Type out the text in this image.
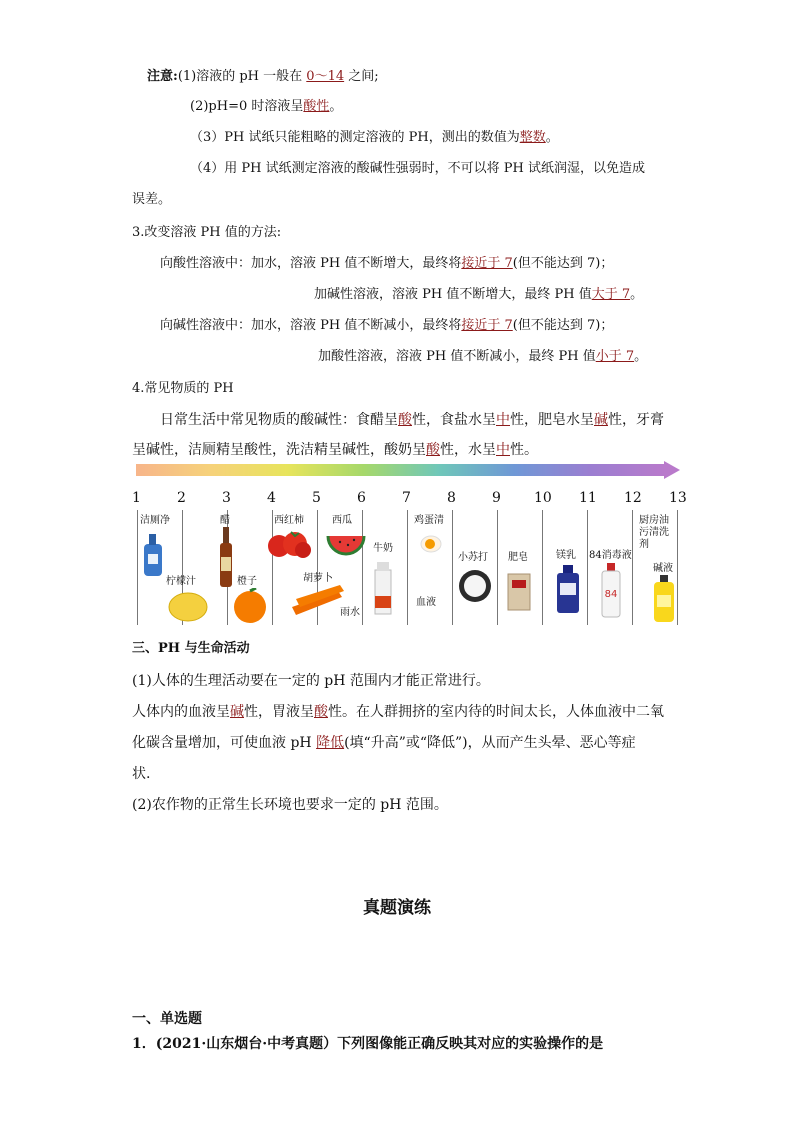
注意:(1)溶液的 pH 一般在 0～14 之间;
(2)pH=0 时溶液呈酸性。
（3）PH 试纸只能粗略的测定溶液的 PH，测出的数值为整数。
（4）用 PH 试纸测定溶液的酸碱性强弱时，不可以将 PH 试纸润湿，以免造成
误差。
3.改变溶液 PH 值的方法:
向酸性溶液中：加水，溶液 PH 值不断增大，最终将接近于 7(但不能达到 7)；
加碱性溶液，溶液 PH 值不断增大，最终 PH 值大于 7。
向碱性溶液中：加水，溶液 PH 值不断减小，最终将接近于 7(但不能达到 7)；
加酸性溶液，溶液 PH 值不断减小，最终 PH 值小于 7。
4.常见物质的 PH
日常生活中常见物质的酸碱性：食醋呈酸性，食盐水呈中性，肥皂水呈碱性，牙膏
呈碱性，洁厕精呈酸性，洗洁精呈碱性，酸奶呈酸性，水呈中性。
1	2	3	4	5	6	7	8	9 10 11 12 13
洁厕净	醋	西红柿	西瓜	鸡蛋清
牛奶
柠檬汁	橙子	胡萝卜
雨水
血液
小苏打 肥皂	镁乳 84消毒液
厨房油污清洗剂
碱液
84
三、PH 与生命活动
(1)人体的生理活动要在一定的 pH 范围内才能正常进行。
人体内的血液呈碱性，胃液呈酸性。在人群拥挤的室内待的时间太长，人体血液中二氧
化碳含量增加，可使血液 pH 降低(填“升高”或“降低”)，从而产生头晕、恶心等症
状.
(2)农作物的正常生长环境也要求一定的 pH 范围。
真题演练
一、单选题
1．(2021·山东烟台·中考真题）下列图像能正确反映其对应的实验操作的是
